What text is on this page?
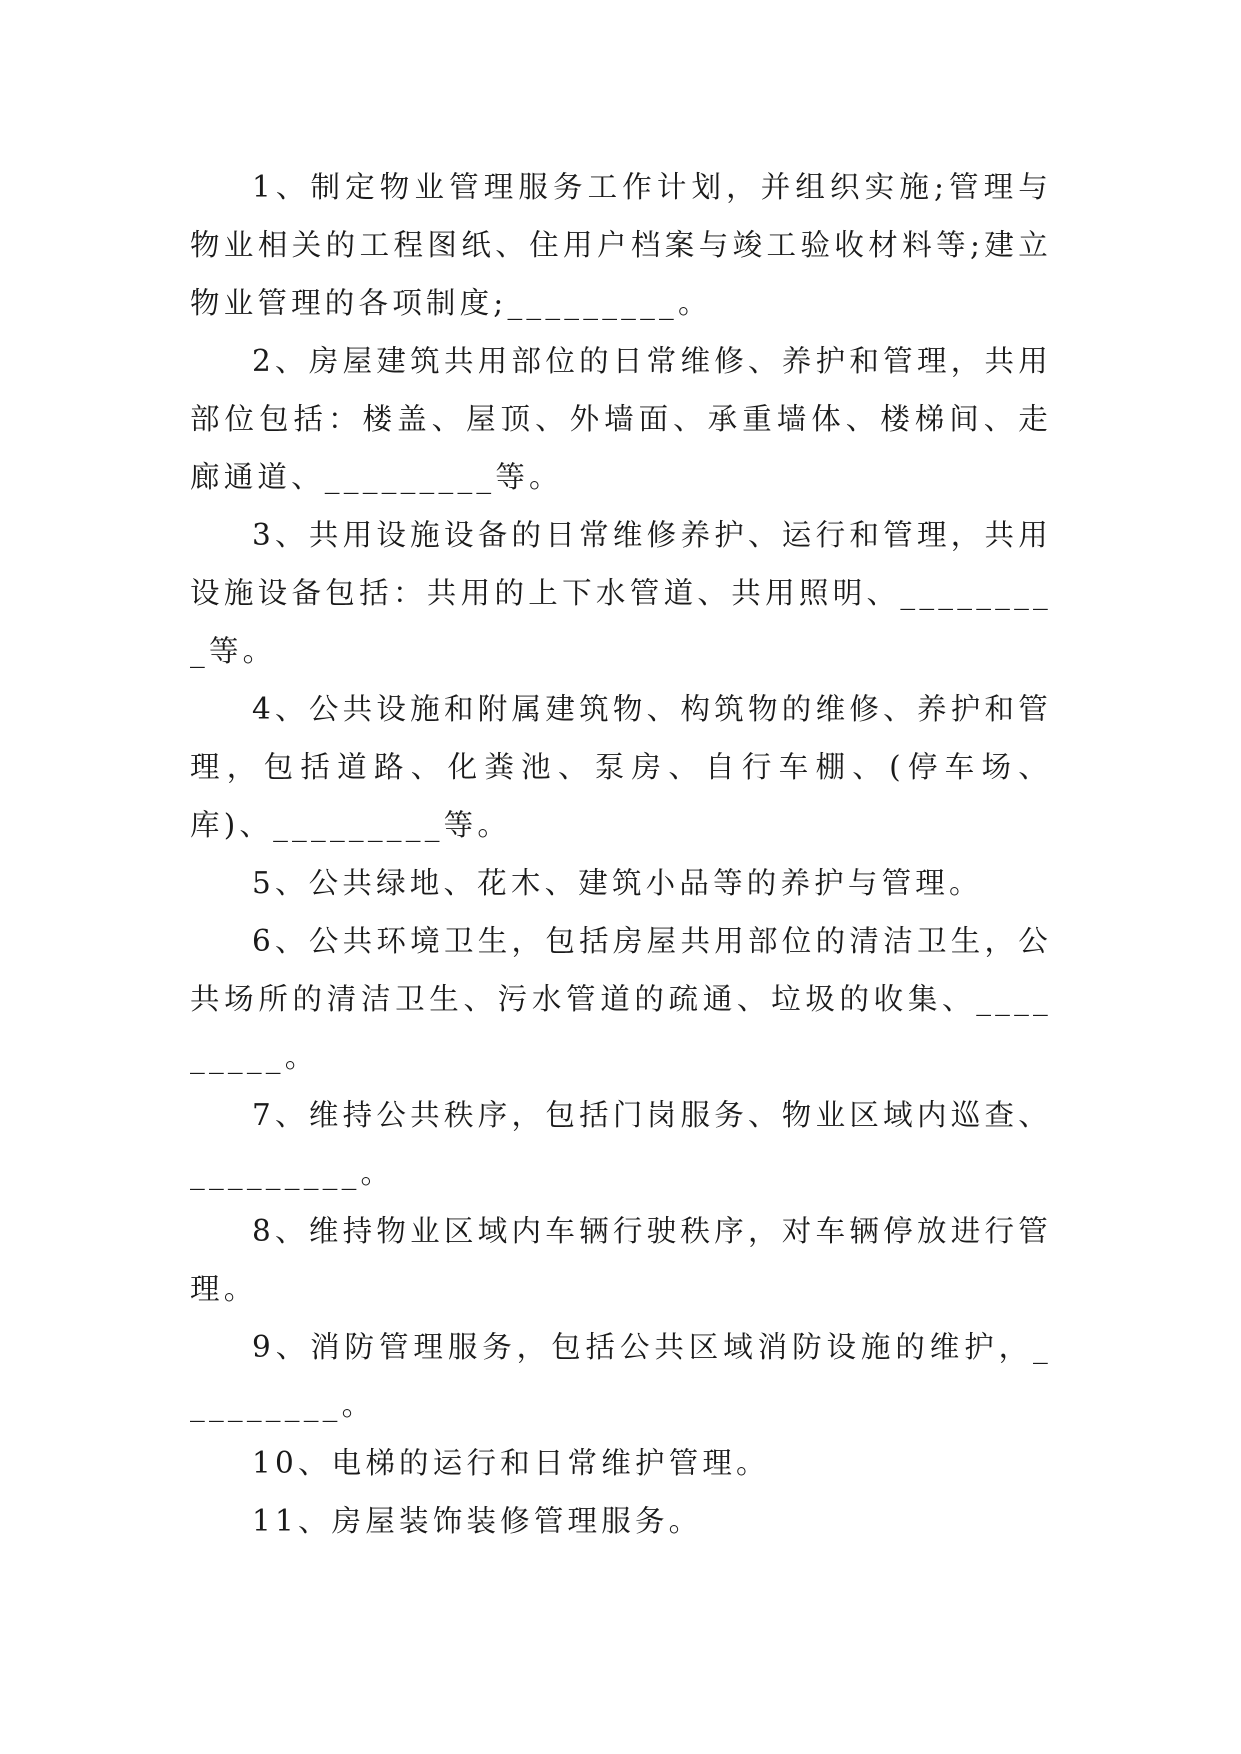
1、制定物业管理服务工作计划，并组织实施;管理与物业相关的工程图纸、住用户档案与竣工验收材料等;建立物业管理的各项制度;_________。

2、房屋建筑共用部位的日常维修、养护和管理，共用部位包括：楼盖、屋顶、外墙面、承重墙体、楼梯间、走廊通道、_________等。

3、共用设施设备的日常维修养护、运行和管理，共用设施设备包括：共用的上下水管道、共用照明、_________等。

4、公共设施和附属建筑物、构筑物的维修、养护和管理，包括道路、化粪池、泵房、自行车棚、(停车场、库)、_________等。

5、公共绿地、花木、建筑小品等的养护与管理。

6、公共环境卫生，包括房屋共用部位的清洁卫生，公共场所的清洁卫生、污水管道的疏通、垃圾的收集、_________。

7、维持公共秩序，包括门岗服务、物业区域内巡查、_________。

8、维持物业区域内车辆行驶秩序，对车辆停放进行管理。

9、消防管理服务，包括公共区域消防设施的维护，_________。

10、电梯的运行和日常维护管理。

11、房屋装饰装修管理服务。
